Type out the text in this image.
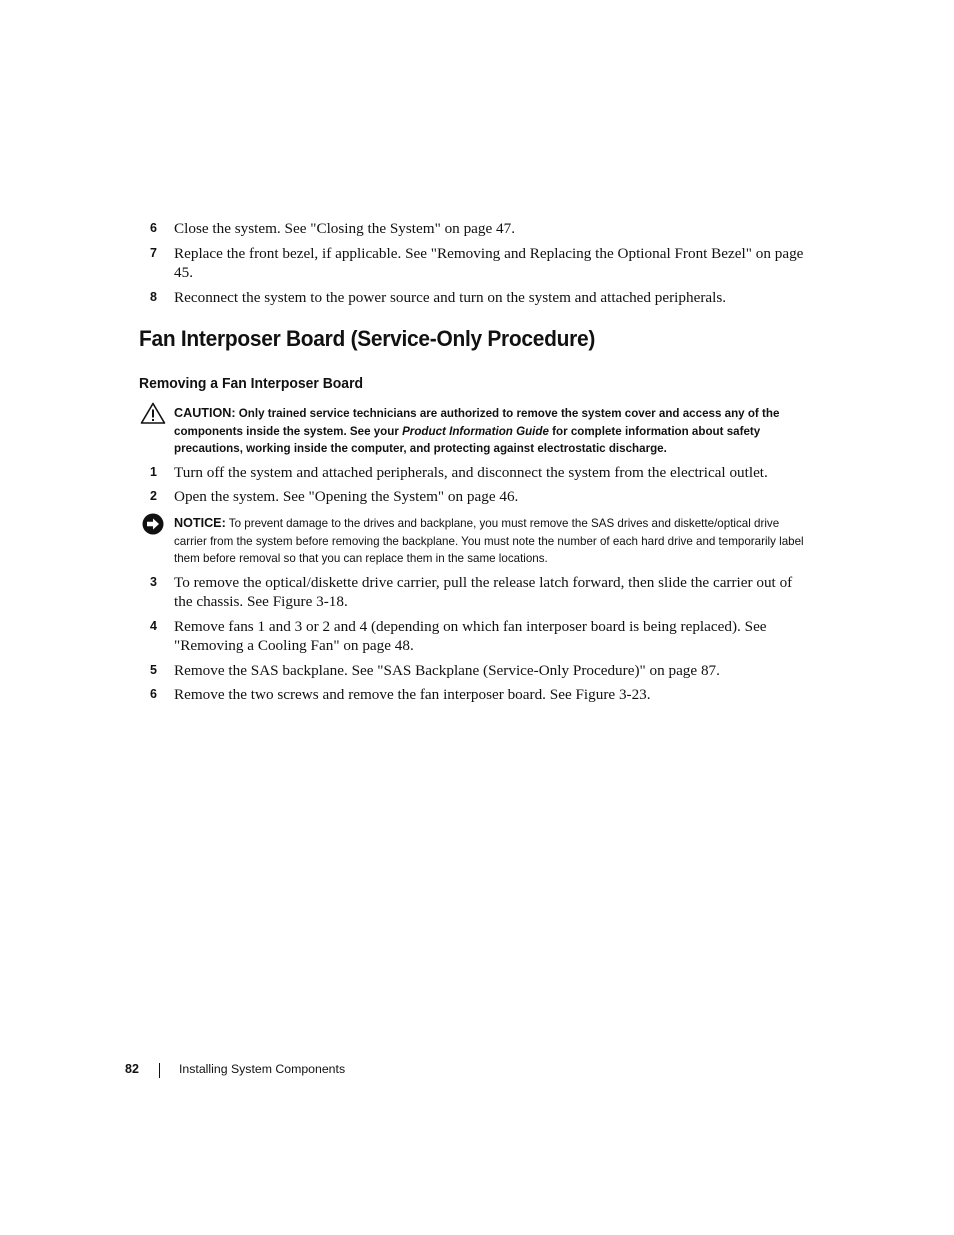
6 Close the system. See "Closing the System" on page 47.
7 Replace the front bezel, if applicable. See "Removing and Replacing the Optional Front Bezel" on page 45.
8 Reconnect the system to the power source and turn on the system and attached peripherals.
Fan Interposer Board (Service-Only Procedure)
Removing a Fan Interposer Board
CAUTION: Only trained service technicians are authorized to remove the system cover and access any of the components inside the system. See your Product Information Guide for complete information about safety precautions, working inside the computer, and protecting against electrostatic discharge.
1 Turn off the system and attached peripherals, and disconnect the system from the electrical outlet.
2 Open the system. See "Opening the System" on page 46.
NOTICE: To prevent damage to the drives and backplane, you must remove the SAS drives and diskette/optical drive carrier from the system before removing the backplane. You must note the number of each hard drive and temporarily label them before removal so that you can replace them in the same locations.
3 To remove the optical/diskette drive carrier, pull the release latch forward, then slide the carrier out of the chassis. See Figure 3-18.
4 Remove fans 1 and 3 or 2 and 4 (depending on which fan interposer board is being replaced). See "Removing a Cooling Fan" on page 48.
5 Remove the SAS backplane. See "SAS Backplane (Service-Only Procedure)" on page 87.
6 Remove the two screws and remove the fan interposer board. See Figure 3-23.
82	Installing System Components
